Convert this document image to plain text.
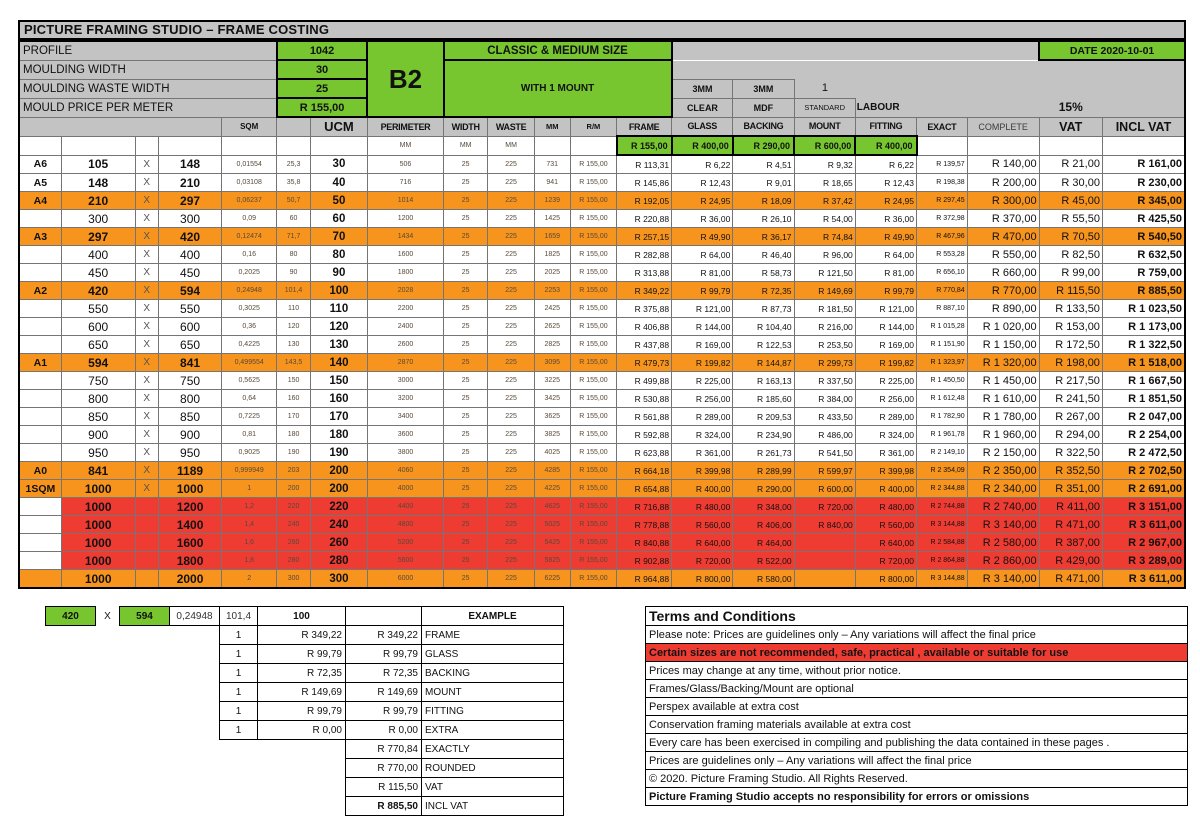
PICTURE FRAMING STUDIO – FRAME COSTING
PROFILE					1042		B2	CLASSIC & MEDIUM SIZE											DATE 2020-10-01	
MOULDING WIDTH					30			WITH 1 MOUNT												
MOULDING WASTE WIDTH					25								3MM	3MM	1					
MOULD PRICE PER METER					R 155,00								CLEAR	MDF	STANDARD	LABOUR			15%	
				SQM		UCM	PERIMETER	WIDTH	WASTE	MM	R/M	FRAME	GLASS	BACKING	MOUNT	FITTING	EXACT	COMPLETE	VAT	INCL VAT
							MM	MM	MM			R 155,00	R 400,00	R 290,00	R 600,00	R 400,00				
A6	105	X	148	0,01554	25,3	30	506	25	225	731	R 155,00	R 113,31	R 6,22	R 4,51	R 9,32	R 6,22	R 139,57	R 140,00	R 21,00	R 161,00
A5	148	X	210	0,03108	35,8	40	716	25	225	941	R 155,00	R 145,86	R 12,43	R 9,01	R 18,65	R 12,43	R 198,38	R 200,00	R 30,00	R 230,00
A4	210	X	297	0,06237	50,7	50	1014	25	225	1239	R 155,00	R 192,05	R 24,95	R 18,09	R 37,42	R 24,95	R 297,45	R 300,00	R 45,00	R 345,00
	300	X	300	0,09	60	60	1200	25	225	1425	R 155,00	R 220,88	R 36,00	R 26,10	R 54,00	R 36,00	R 372,98	R 370,00	R 55,50	R 425,50
A3	297	X	420	0,12474	71,7	70	1434	25	225	1659	R 155,00	R 257,15	R 49,90	R 36,17	R 74,84	R 49,90	R 467,96	R 470,00	R 70,50	R 540,50
	400	X	400	0,16	80	80	1600	25	225	1825	R 155,00	R 282,88	R 64,00	R 46,40	R 96,00	R 64,00	R 553,28	R 550,00	R 82,50	R 632,50
	450	X	450	0,2025	90	90	1800	25	225	2025	R 155,00	R 313,88	R 81,00	R 58,73	R 121,50	R 81,00	R 656,10	R 660,00	R 99,00	R 759,00
A2	420	X	594	0,24948	101,4	100	2028	25	225	2253	R 155,00	R 349,22	R 99,79	R 72,35	R 149,69	R 99,79	R 770,84	R 770,00	R 115,50	R 885,50
	550	X	550	0,3025	110	110	2200	25	225	2425	R 155,00	R 375,88	R 121,00	R 87,73	R 181,50	R 121,00	R 887,10	R 890,00	R 133,50	R 1 023,50
	600	X	600	0,36	120	120	2400	25	225	2625	R 155,00	R 406,88	R 144,00	R 104,40	R 216,00	R 144,00	R 1 015,28	R 1 020,00	R 153,00	R 1 173,00
	650	X	650	0,4225	130	130	2600	25	225	2825	R 155,00	R 437,88	R 169,00	R 122,53	R 253,50	R 169,00	R 1 151,90	R 1 150,00	R 172,50	R 1 322,50
A1	594	X	841	0,499554	143,5	140	2870	25	225	3095	R 155,00	R 479,73	R 199,82	R 144,87	R 299,73	R 199,82	R 1 323,97	R 1 320,00	R 198,00	R 1 518,00
	750	X	750	0,5625	150	150	3000	25	225	3225	R 155,00	R 499,88	R 225,00	R 163,13	R 337,50	R 225,00	R 1 450,50	R 1 450,00	R 217,50	R 1 667,50
	800	X	800	0,64	160	160	3200	25	225	3425	R 155,00	R 530,88	R 256,00	R 185,60	R 384,00	R 256,00	R 1 612,48	R 1 610,00	R 241,50	R 1 851,50
	850	X	850	0,7225	170	170	3400	25	225	3625	R 155,00	R 561,88	R 289,00	R 209,53	R 433,50	R 289,00	R 1 782,90	R 1 780,00	R 267,00	R 2 047,00
	900	X	900	0,81	180	180	3600	25	225	3825	R 155,00	R 592,88	R 324,00	R 234,90	R 486,00	R 324,00	R 1 961,78	R 1 960,00	R 294,00	R 2 254,00
	950	X	950	0,9025	190	190	3800	25	225	4025	R 155,00	R 623,88	R 361,00	R 261,73	R 541,50	R 361,00	R 2 149,10	R 2 150,00	R 322,50	R 2 472,50
A0	841	X	1189	0,999949	203	200	4060	25	225	4285	R 155,00	R 664,18	R 399,98	R 289,99	R 599,97	R 399,98	R 2 354,09	R 2 350,00	R 352,50	R 2 702,50
1SQM	1000	X	1000	1	200	200	4000	25	225	4225	R 155,00	R 654,88	R 400,00	R 290,00	R 600,00	R 400,00	R 2 344,88	R 2 340,00	R 351,00	R 2 691,00
	1000		1200	1,2	220	220	4400	25	225	4625	R 155,00	R 716,88	R 480,00	R 348,00	R 720,00	R 480,00	R 2 744,88	R 2 740,00	R 411,00	R 3 151,00
	1000		1400	1,4	240	240	4800	25	225	5025	R 155,00	R 778,88	R 560,00	R 406,00	R 840,00	R 560,00	R 3 144,88	R 3 140,00	R 471,00	R 3 611,00
	1000		1600	1,6	260	260	5200	25	225	5425	R 155,00	R 840,88	R 640,00	R 464,00		R 640,00	R 2 584,88	R 2 580,00	R 387,00	R 2 967,00
	1000		1800	1,8	280	280	5600	25	225	5825	R 155,00	R 902,88	R 720,00	R 522,00		R 720,00	R 2 864,88	R 2 860,00	R 429,00	R 3 289,00
	1000		2000	2	300	300	6000	25	225	6225	R 155,00	R 964,88	R 800,00	R 580,00		R 800,00	R 3 144,88	R 3 140,00	R 471,00	R 3 611,00
420	X	594	0,24948	101,4	100		EXAMPLE
				1	R 349,22	R 349,22	FRAME
				1	R 99,79	R 99,79	GLASS
				1	R 72,35	R 72,35	BACKING
				1	R 149,69	R 149,69	MOUNT
				1	R 99,79	R 99,79	FITTING
				1	R 0,00	R 0,00	EXTRA
						R 770,84	EXACTLY
						R 770,00	ROUNDED
						R 115,50	VAT
						R 885,50	INCL VAT
Terms and Conditions
Please note: Prices are guidelines only – Any variations will affect the final price
Certain sizes are not recommended, safe, practical , available or suitable for use
Prices may change at any time, without prior notice.
Frames/Glass/Backing/Mount are optional
Perspex available at extra cost
Conservation framing materials available at extra cost
Every care has been exercised in compiling and publishing the data contained in these pages .
Prices are guidelines only – Any variations will affect the final price
© 2020. Picture Framing Studio. All Rights Reserved.
Picture Framing Studio accepts no responsibility for errors or omissions
